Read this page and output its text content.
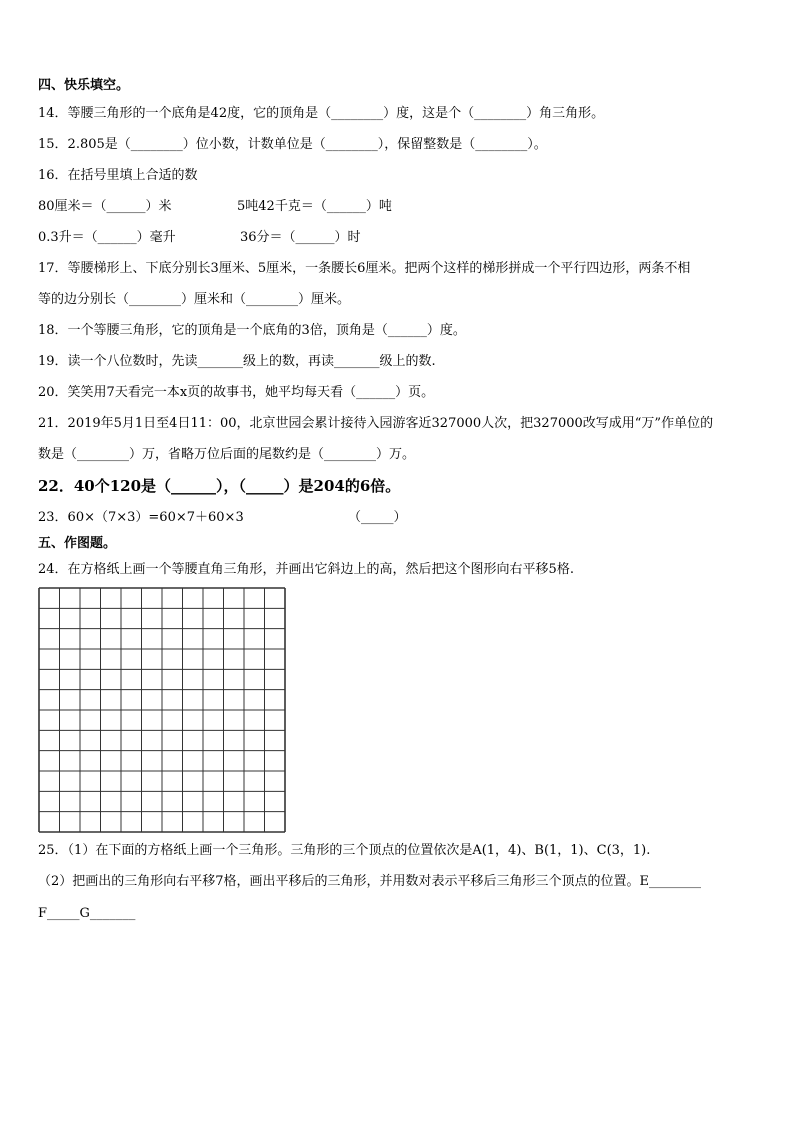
四、快乐填空。
14．等腰三角形的一个底角是42度，它的顶角是（________）度，这是个（________）角三角形。
15．2.805是（________）位小数，计数单位是（________），保留整数是（________）。
16．在括号里填上合适的数
80厘米＝（______）米	5吨42千克＝（______）吨
0.3升＝（______）毫升	36分＝（______）时
17．等腰梯形上、下底分别长3厘米、5厘米，一条腰长6厘米。把两个这样的梯形拼成一个平行四边形，两条不相
等的边分别长（________）厘米和（________）厘米。
18．一个等腰三角形，它的顶角是一个底角的3倍，顶角是（______）度。
19．读一个八位数时，先读_______级上的数，再读_______级上的数.
20．笑笑用7天看完一本x页的故事书，她平均每天看（______）页。
21．2019年5月1日至4日11：00，北京世园会累计接待入园游客近327000人次，把327000改写成用“万”作单位的
数是（________）万，省略万位后面的尾数约是（________）万。
22．40个120是（______），（_____）是204的6倍。
23．60×（7×3）=60×7＋60×3	（_____）
五、作图题。
24．在方格纸上画一个等腰直角三角形，并画出它斜边上的高，然后把这个图形向右平移5格.
25．（1）在下面的方格纸上画一个三角形。三角形的三个顶点的位置依次是A(1，4)、B(1，1)、C(3，1).
（2）把画出的三角形向右平移7格，画出平移后的三角形，并用数对表示平移后三角形三个顶点的位置。E________
F_____G_______
